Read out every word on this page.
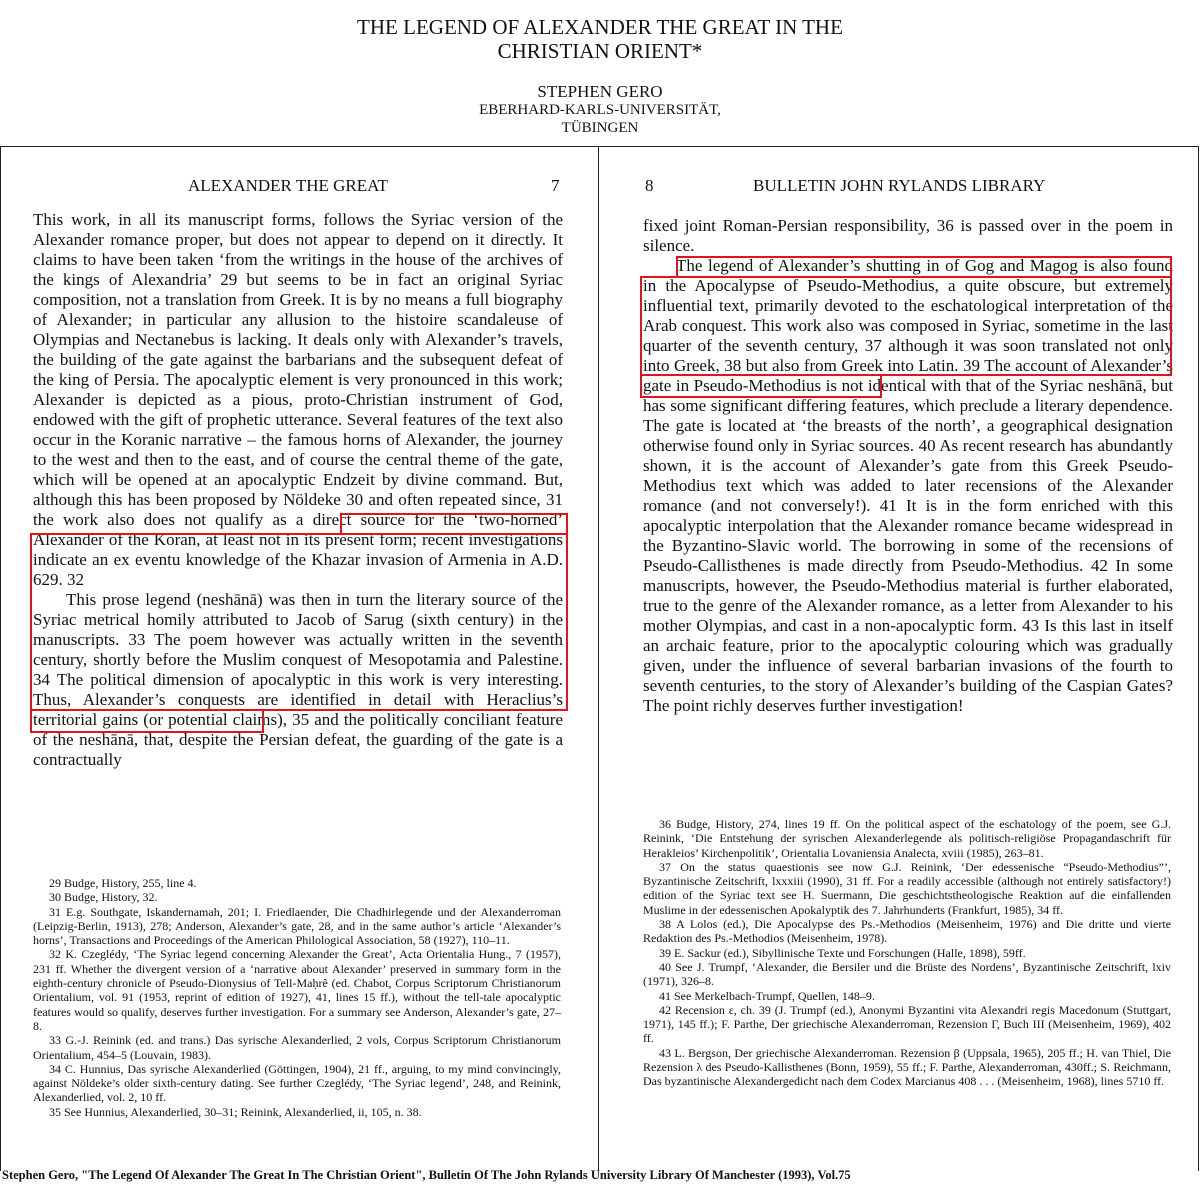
THE LEGEND OF ALEXANDER THE GREAT IN THE
CHRISTIAN ORIENT*
STEPHEN GERO
EBERHARD-KARLS-UNIVERSITÄT,
TÜBINGEN
ALEXANDER THE GREAT	7

This work, in all its manuscript forms, follows the Syriac version of the Alexander romance proper, but does not appear to depend on it directly. It claims to have been taken ‘from the writings in the house of the archives of the kings of Alexandria’ 29 but seems to be in fact an original Syriac composition, not a translation from Greek. It is by no means a full biography of Alexander; in particular any allusion to the histoire scandaleuse of Olympias and Nectanebus is lacking. It deals only with Alexander’s travels, the building of the gate against the barbarians and the subsequent defeat of the king of Persia. The apocalyptic element is very pronounced in this work; Alexander is depicted as a pious, proto-Christian instrument of God, endowed with the gift of prophetic utterance. Several features of the text also occur in the Koranic narrative – the famous horns of Alexander, the journey to the west and then to the east, and of course the central theme of the gate, which will be opened at an apocalyptic Endzeit by divine command. But, although this has been proposed by Nöldeke 30 and often repeated since, 31 the work also does not qualify as a direct source for the ‘two-horned’ Alexander of the Koran, at least not in its present form; recent investigations indicate an ex eventu knowledge of the Khazar invasion of Armenia in A.D. 629. 32

This prose legend (neshānā) was then in turn the literary source of the Syriac metrical homily attributed to Jacob of Sarug (sixth century) in the manuscripts. 33 The poem however was actually written in the seventh century, shortly before the Muslim conquest of Mesopotamia and Palestine. 34 The political dimension of apocalyptic in this work is very interesting. Thus, Alexander’s conquests are identified in detail with Heraclius’s territorial gains (or potential claims), 35 and the politically conciliant feature of the neshānā, that, despite the Persian defeat, the guarding of the gate is a contractually

29 Budge, History, 255, line 4.

30 Budge, History, 32.

31 E.g. Southgate, Iskandernamah, 201; I. Friedlaender, Die Chadhirlegende und der Alexanderroman (Leipzig-Berlin, 1913), 278; Anderson, Alexander’s gate, 28, and in the same author’s article ‘Alexander’s horns’, Transactions and Proceedings of the American Philological Association, 58 (1927), 110–11.

32 K. Czeglédy, ‘The Syriac legend concerning Alexander the Great’, Acta Orientalia Hung., 7 (1957), 231 ff. Whether the divergent version of a ‘narrative about Alexander’ preserved in summary form in the eighth-century chronicle of Pseudo-Dionysius of Tell-Maḥrê (ed. Chabot, Corpus Scriptorum Christianorum Orientalium, vol. 91 (1953, reprint of edition of 1927), 41, lines 15 ff.), without the tell-tale apocalyptic features would so qualify, deserves further investigation. For a summary see Anderson, Alexander’s gate, 27–8.

33 G.-J. Reinink (ed. and trans.) Das syrische Alexanderlied, 2 vols, Corpus Scriptorum Christianorum Orientalium, 454–5 (Louvain, 1983).

34 C. Hunnius, Das syrische Alexanderlied (Göttingen, 1904), 21 ff., arguing, to my mind convincingly, against Nöldeke’s older sixth-century dating. See further Czeglédy, ‘The Syriac legend’, 248, and Reinink, Alexanderlied, vol. 2, 10 ff.

35 See Hunnius, Alexanderlied, 30–31; Reinink, Alexanderlied, ii, 105, n. 38.

8	BULLETIN JOHN RYLANDS LIBRARY

fixed joint Roman-Persian responsibility, 36 is passed over in the poem in silence.

The legend of Alexander’s shutting in of Gog and Magog is also found in the Apocalypse of Pseudo-Methodius, a quite obscure, but extremely influential text, primarily devoted to the eschatological interpretation of the Arab conquest. This work also was composed in Syriac, sometime in the last quarter of the seventh century, 37 although it was soon translated not only into Greek, 38 but also from Greek into Latin. 39 The account of Alexander’s gate in Pseudo-Methodius is not identical with that of the Syriac neshānā, but has some significant differing features, which preclude a literary dependence. The gate is located at ‘the breasts of the north’, a geographical designation otherwise found only in Syriac sources. 40 As recent research has abundantly shown, it is the account of Alexander’s gate from this Greek Pseudo-Methodius text which was added to later recensions of the Alexander romance (and not conversely!). 41 It is in the form enriched with this apocalyptic interpolation that the Alexander romance became widespread in the Byzantino-Slavic world. The borrowing in some of the recensions of Pseudo-Callisthenes is made directly from Pseudo-Methodius. 42 In some manuscripts, however, the Pseudo-Methodius material is further elaborated, true to the genre of the Alexander romance, as a letter from Alexander to his mother Olympias, and cast in a non-apocalyptic form. 43 Is this last in itself an archaic feature, prior to the apocalyptic colouring which was gradually given, under the influence of several barbarian invasions of the fourth to seventh centuries, to the story of Alexander’s building of the Caspian Gates? The point richly deserves further investigation!

36 Budge, History, 274, lines 19 ff. On the political aspect of the eschatology of the poem, see G.J. Reinink, ‘Die Entstehung der syrischen Alexanderlegende als politisch-religiöse Propagandaschrift für Herakleios’ Kirchenpolitik’, Orientalia Lovaniensia Analecta, xviii (1985), 263–81.

37 On the status quaestionis see now G.J. Reinink, ‘Der edessenische “Pseudo-Methodius”’, Byzantinische Zeitschrift, lxxxiii (1990), 31 ff. For a readily accessible (although not entirely satisfactory!) edition of the Syriac text see H. Suermann, Die geschichtstheologische Reaktion auf die einfallenden Muslime in der edessenischen Apokalyptik des 7. Jahrhunderts (Frankfurt, 1985), 34 ff.

38 A Lolos (ed.), Die Apocalypse des Ps.-Methodios (Meisenheim, 1976) and Die dritte und vierte Redaktion des Ps.-Methodios (Meisenheim, 1978).

39 E. Sackur (ed.), Sibyllinische Texte und Forschungen (Halle, 1898), 59ff.

40 See J. Trumpf, ‘Alexander, die Bersiler und die Brüste des Nordens’, Byzantinische Zeitschrift, lxiv (1971), 326–8.

41 See Merkelbach-Trumpf, Quellen, 148–9.

42 Recension ε, ch. 39 (J. Trumpf (ed.), Anonymi Byzantini vita Alexandri regis Macedonum (Stuttgart, 1971), 145 ff.); F. Parthe, Der griechische Alexanderroman, Rezension Γ, Buch III (Meisenheim, 1969), 402 ff.

43 L. Bergson, Der griechische Alexanderroman. Rezension β (Uppsala, 1965), 205 ff.; H. van Thiel, Die Rezension λ des Pseudo-Kallisthenes (Bonn, 1959), 55 ff.; F. Parthe, Alexanderroman, 430ff.; S. Reichmann, Das byzantinische Alexandergedicht nach dem Codex Marcianus 408 . . . (Meisenheim, 1968), lines 5710 ff.

Stephen Gero, "The Legend Of Alexander The Great In The Christian Orient", Bulletin Of The John Rylands University Library Of Manchester (1993), Vol.75
